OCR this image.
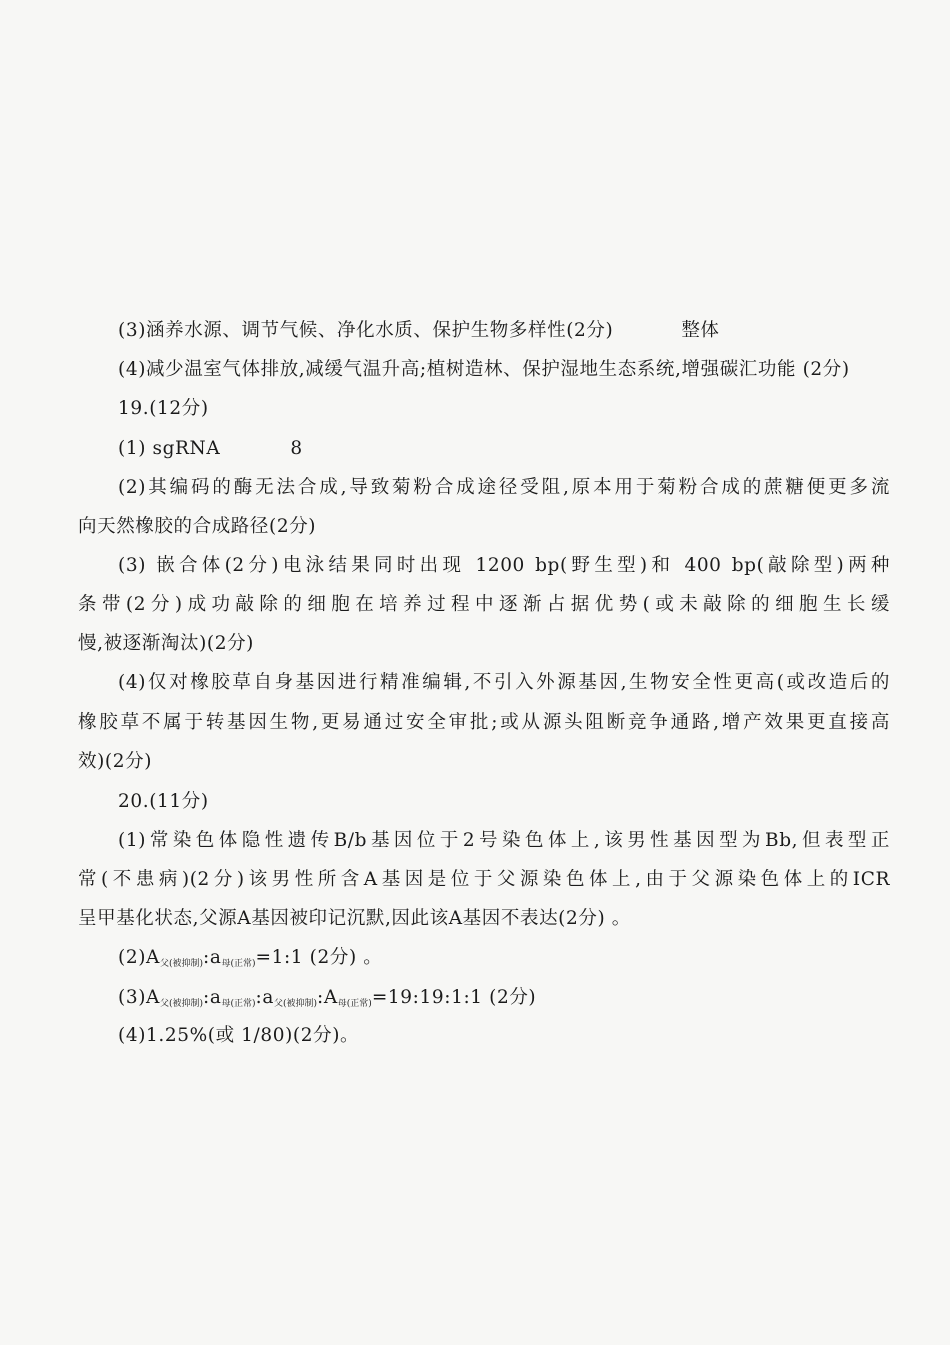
(3)涵养水源、调节气候、净化水质、保护生物多样性(2分)	整体
(4)减少温室气体排放,减缓气温升高;植树造林、保护湿地生态系统,增强碳汇功能 (2分)
19.(12分)
(1) sgRNA	8
(2)其编码的酶无法合成,导致菊粉合成途径受阻,原本用于菊粉合成的蔗糖便更多流
向天然橡胶的合成路径(2分)
(3) 嵌合体(2分)电泳结果同时出现 1200 bp(野生型)和 400 bp(敲除型)两种
条带(2分)成功敲除的细胞在培养过程中逐渐占据优势(或未敲除的细胞生长缓
慢,被逐渐淘汰)(2分)
(4)仅对橡胶草自身基因进行精准编辑,不引入外源基因,生物安全性更高(或改造后的
橡胶草不属于转基因生物,更易通过安全审批;或从源头阻断竞争通路,增产效果更直接高
效)(2分)
20.(11分)
(1)常染色体隐性遗传B/b基因位于2号染色体上,该男性基因型为Bb,但表型正
常(不患病)(2分)该男性所含A基因是位于父源染色体上,由于父源染色体上的ICR
呈甲基化状态,父源A基因被印记沉默,因此该A基因不表达(2分) 。
$(2)A_{父(被抑制)}:a_{母(正常)}=1:1$ (2分) 。
$(3)A_{父(被抑制)}:a_{母(正常)}:a_{父(被抑制)}:A_{母(正常)}=19:19:1:1$ (2分)
(4)1.25%(或 1/80)(2分)。
